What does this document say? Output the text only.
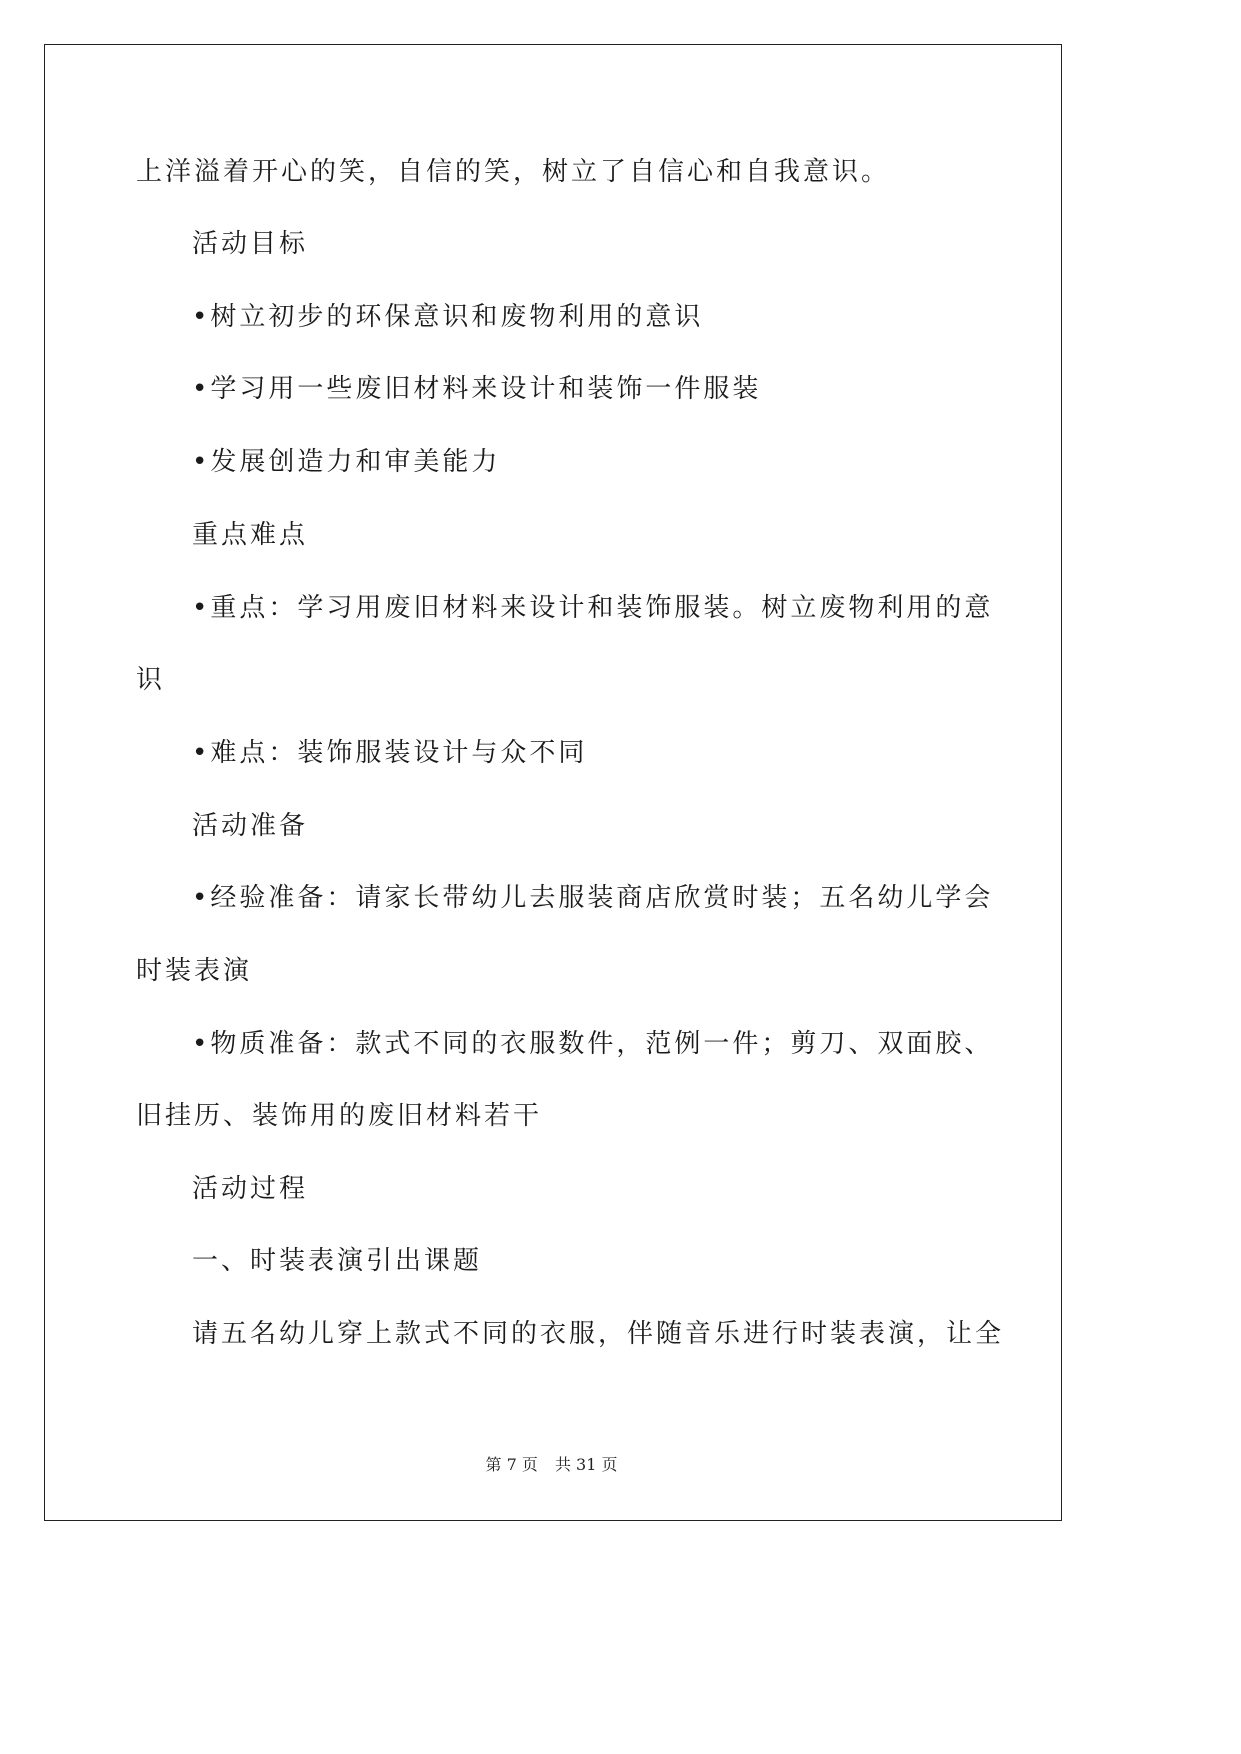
上洋溢着开心的笑，自信的笑，树立了自信心和自我意识。
活动目标
•树立初步的环保意识和废物利用的意识
•学习用一些废旧材料来设计和装饰一件服装
•发展创造力和审美能力
重点难点
•重点：学习用废旧材料来设计和装饰服装。树立废物利用的意
识
•难点：装饰服装设计与众不同
活动准备
•经验准备：请家长带幼儿去服装商店欣赏时装；五名幼儿学会
时装表演
•物质准备：款式不同的衣服数件，范例一件；剪刀、双面胶、
旧挂历、装饰用的废旧材料若干
活动过程
一、时装表演引出课题
请五名幼儿穿上款式不同的衣服，伴随音乐进行时装表演，让全
第 7 页 共 31 页
